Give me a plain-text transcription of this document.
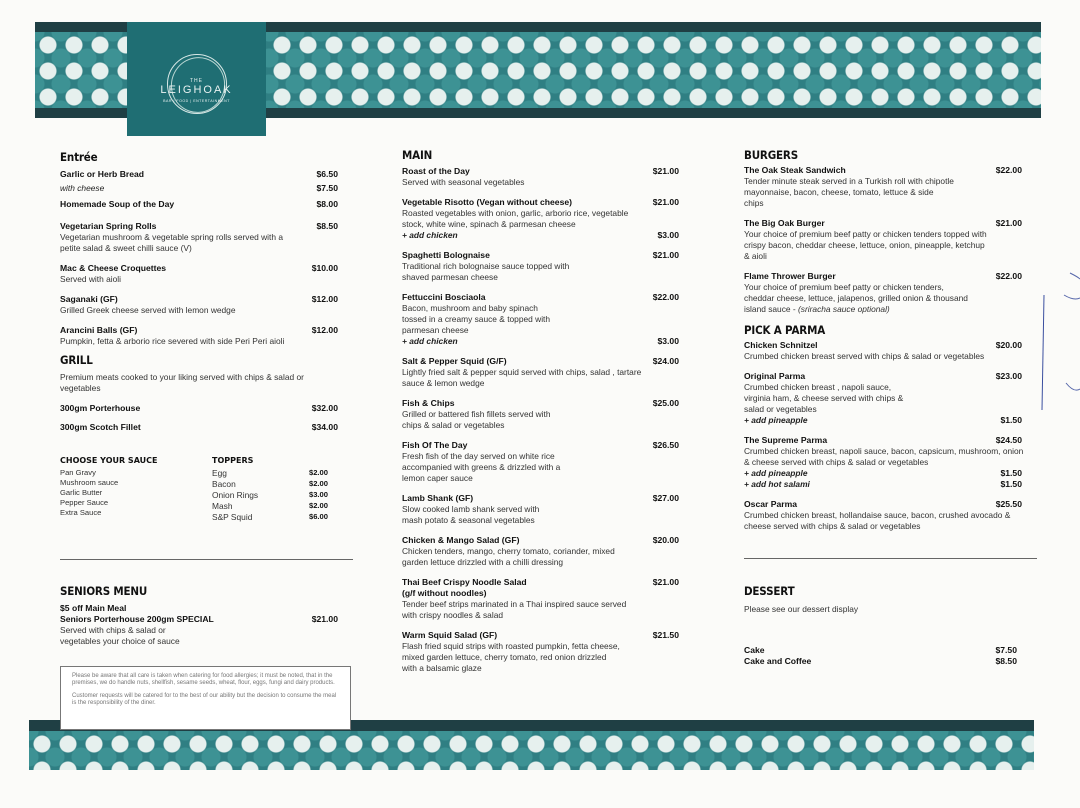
THE
LEIGHOAK
BAR | FOOD | ENTERTAINMENT
Entrée
Garlic or Herb Bread	$6.50
with cheese	$7.50
Homemade Soup of the Day	$8.00
Vegetarian Spring Rolls	$8.50
Vegetarian mushroom & vegetable spring rolls served with a petite salad & sweet chilli sauce (V)
Mac & Cheese Croquettes	$10.00
Served with aioli
Saganaki (GF)	$12.00
Grilled Greek cheese served with lemon wedge
Arancini Balls (GF)	$12.00
Pumpkin, fetta & arborio rice severed with side Peri Peri aioli
GRILL
Premium meats cooked to your liking served with chips & salad or vegetables
300gm Porterhouse	$32.00
300gm Scotch Fillet	$34.00
CHOOSE YOUR SAUCE
Pan Gravy
Mushroom sauce
Garlic Butter
Pepper Sauce
Extra Sauce
TOPPERS
Egg	$2.00
Bacon	$2.00
Onion Rings	$3.00
Mash	$2.00
S&P Squid	$6.00
SENIORS MENU
$5 off Main Meal
Seniors Porterhouse 200gm SPECIAL	$21.00
Served with chips & salad or vegetables your choice of sauce

Please be aware that all care is taken when catering for food allergies; it must be noted, that in the premises, we do handle nuts, shellfish, sesame seeds, wheat, flour, eggs, fungi and dairy products.

Customer requests will be catered for to the best of our ability but the decision to consume the meal is the responsibility of the diner.

MAIN
Roast of the Day	$21.00
Served with seasonal vegetables
Vegetable Risotto (Vegan without cheese)	$21.00
Roasted vegetables with onion, garlic, arborio rice, vegetable stock, white wine, spinach & parmesan cheese
+ add chicken	$3.00
Spaghetti Bolognaise	$21.00
Traditional rich bolognaise sauce topped with shaved parmesan cheese
Fettuccini Bosciaola	$22.00
Bacon, mushroom and baby spinach tossed in a creamy sauce & topped with parmesan cheese
+ add chicken	$3.00
Salt & Pepper Squid (G/F)	$24.00
Lightly fried salt & pepper squid served with chips, salad , tartare sauce & lemon wedge
Fish & Chips	$25.00
Grilled or battered fish fillets served with chips & salad or vegetables
Fish Of The Day	$26.50
Fresh fish of the day served on white rice accompanied with greens & drizzled with a lemon caper sauce
Lamb Shank (GF)	$27.00
Slow cooked lamb shank served with mash potato & seasonal vegetables
Chicken & Mango Salad (GF)	$20.00
Chicken tenders, mango, cherry tomato, coriander, mixed garden lettuce drizzled with a chilli dressing
Thai Beef Crispy Noodle Salad (g/f without noodles)
$21.00
Tender beef strips marinated in a Thai inspired sauce served with crispy noodles & salad
Warm Squid Salad (GF)	$21.50
Flash fried squid strips with roasted pumpkin, fetta cheese, mixed garden lettuce, cherry tomato, red onion drizzled with a balsamic glaze
BURGERS
The Oak Steak Sandwich	$22.00
Tender minute steak served in a Turkish roll with chipotle mayonnaise, bacon, cheese, tomato, lettuce & side chips
The Big Oak Burger	$21.00
Your choice of premium beef patty or chicken tenders topped with crispy bacon, cheddar cheese, lettuce, onion, pineapple, ketchup & aioli
Flame Thrower Burger	$22.00
Your choice of premium beef patty or chicken tenders, cheddar cheese, lettuce, jalapenos, grilled onion & thousand island sauce - (sriracha sauce optional)
PICK A PARMA
Chicken Schnitzel	$20.00
Crumbed chicken breast served with chips & salad or vegetables
Original Parma	$23.00
Crumbed chicken breast , napoli sauce, virginia ham, & cheese served with chips & salad or vegetables
+ add pineapple	$1.50
The Supreme Parma	$24.50
Crumbed chicken breast, napoli sauce, bacon, capsicum, mushroom, onion & cheese served with chips & salad or vegetables
+ add pineapple	$1.50
+ add hot salami	$1.50
Oscar Parma	$25.50
Crumbed chicken breast, hollandaise sauce, bacon, crushed avocado & cheese served with chips & salad or vegetables
DESSERT
Please see our dessert display
Cake	$7.50
Cake and Coffee	$8.50
